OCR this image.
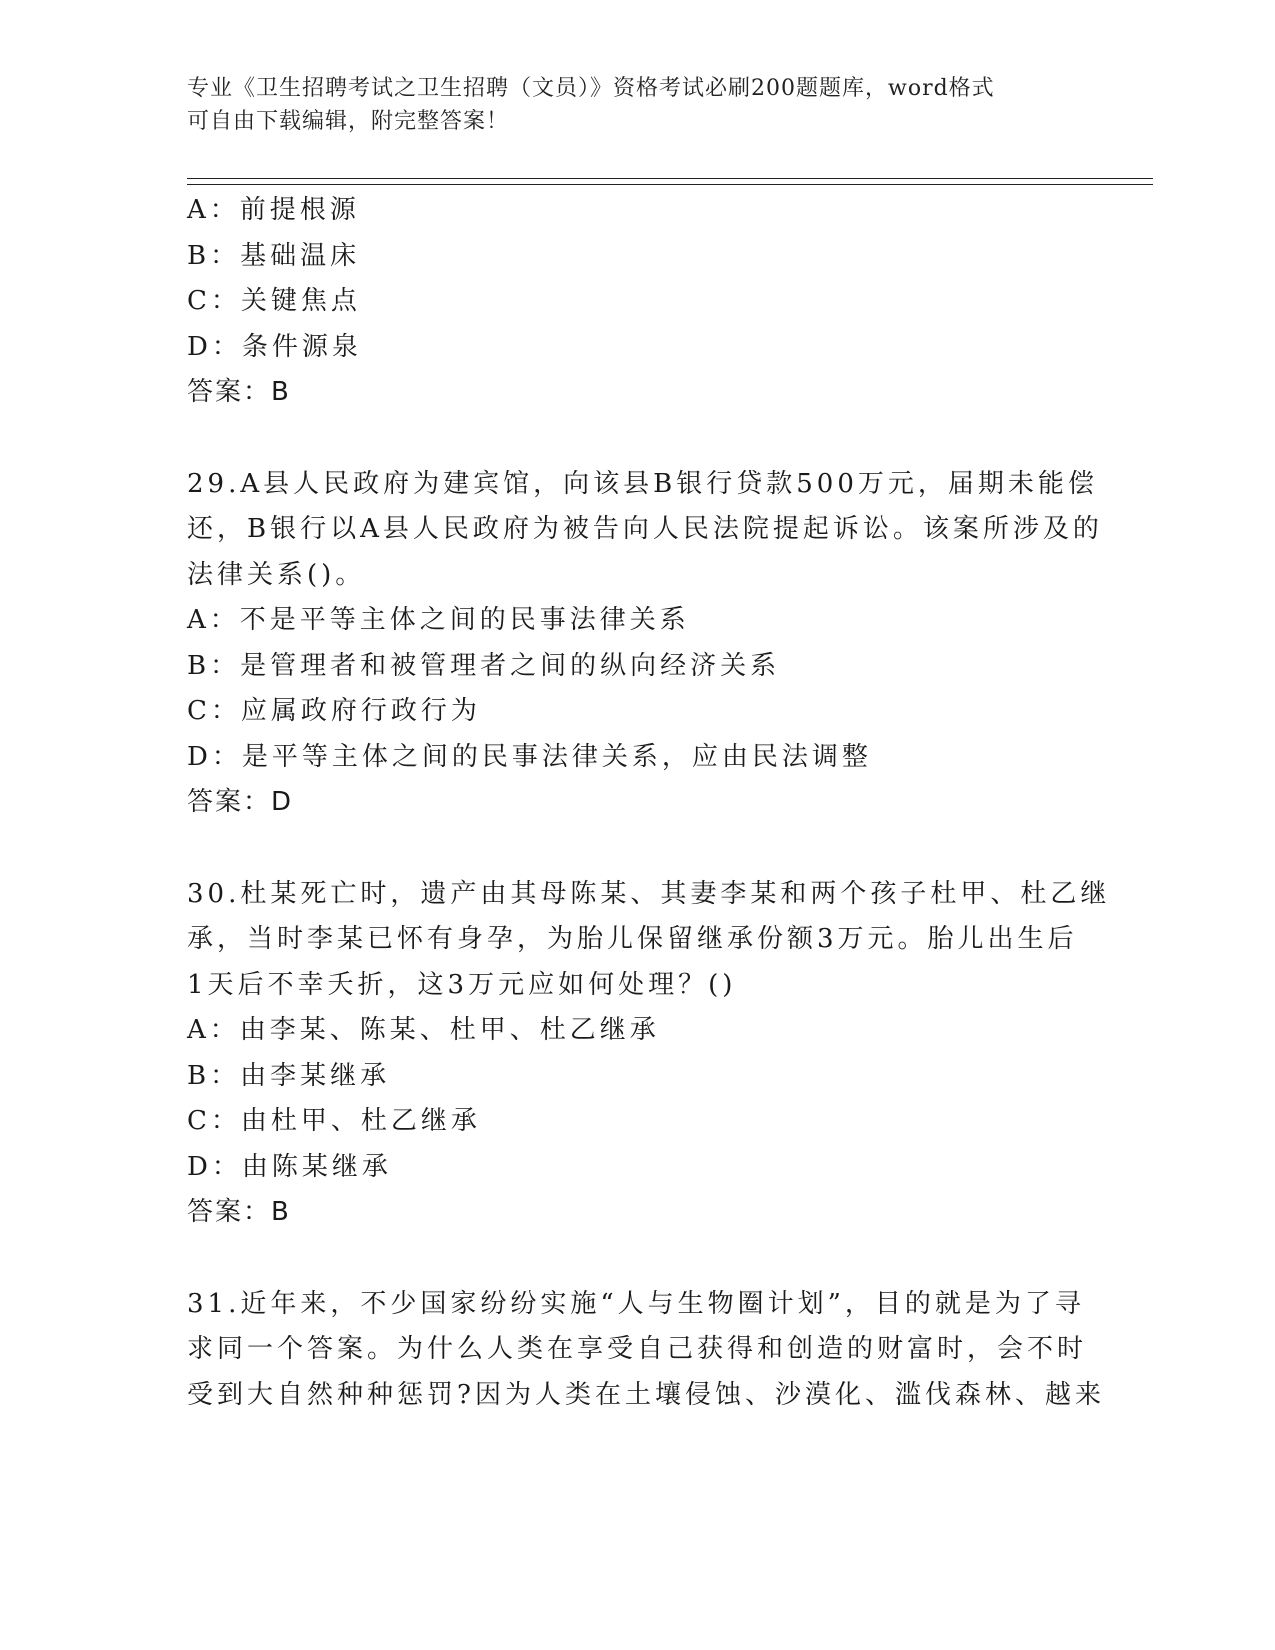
专业《卫生招聘考试之卫生招聘（文员）》资格考试必刷200题题库，word格式
可自由下载编辑，附完整答案！
A：前提根源
B：基础温床
C：关键焦点
D：条件源泉
答案：B
29.A县人民政府为建宾馆，向该县B银行贷款500万元，届期未能偿
还，B银行以A县人民政府为被告向人民法院提起诉讼。该案所涉及的
法律关系()。
A：不是平等主体之间的民事法律关系
B：是管理者和被管理者之间的纵向经济关系
C：应属政府行政行为
D：是平等主体之间的民事法律关系，应由民法调整
答案：D
30.杜某死亡时，遗产由其母陈某、其妻李某和两个孩子杜甲、杜乙继
承，当时李某已怀有身孕，为胎儿保留继承份额3万元。胎儿出生后
1天后不幸夭折，这3万元应如何处理？()
A：由李某、陈某、杜甲、杜乙继承
B：由李某继承
C：由杜甲、杜乙继承
D：由陈某继承
答案：B
31.近年来，不少国家纷纷实施“人与生物圈计划”，目的就是为了寻
求同一个答案。为什么人类在享受自己获得和创造的财富时，会不时
受到大自然种种惩罚?因为人类在土壤侵蚀、沙漠化、滥伐森林、越来
